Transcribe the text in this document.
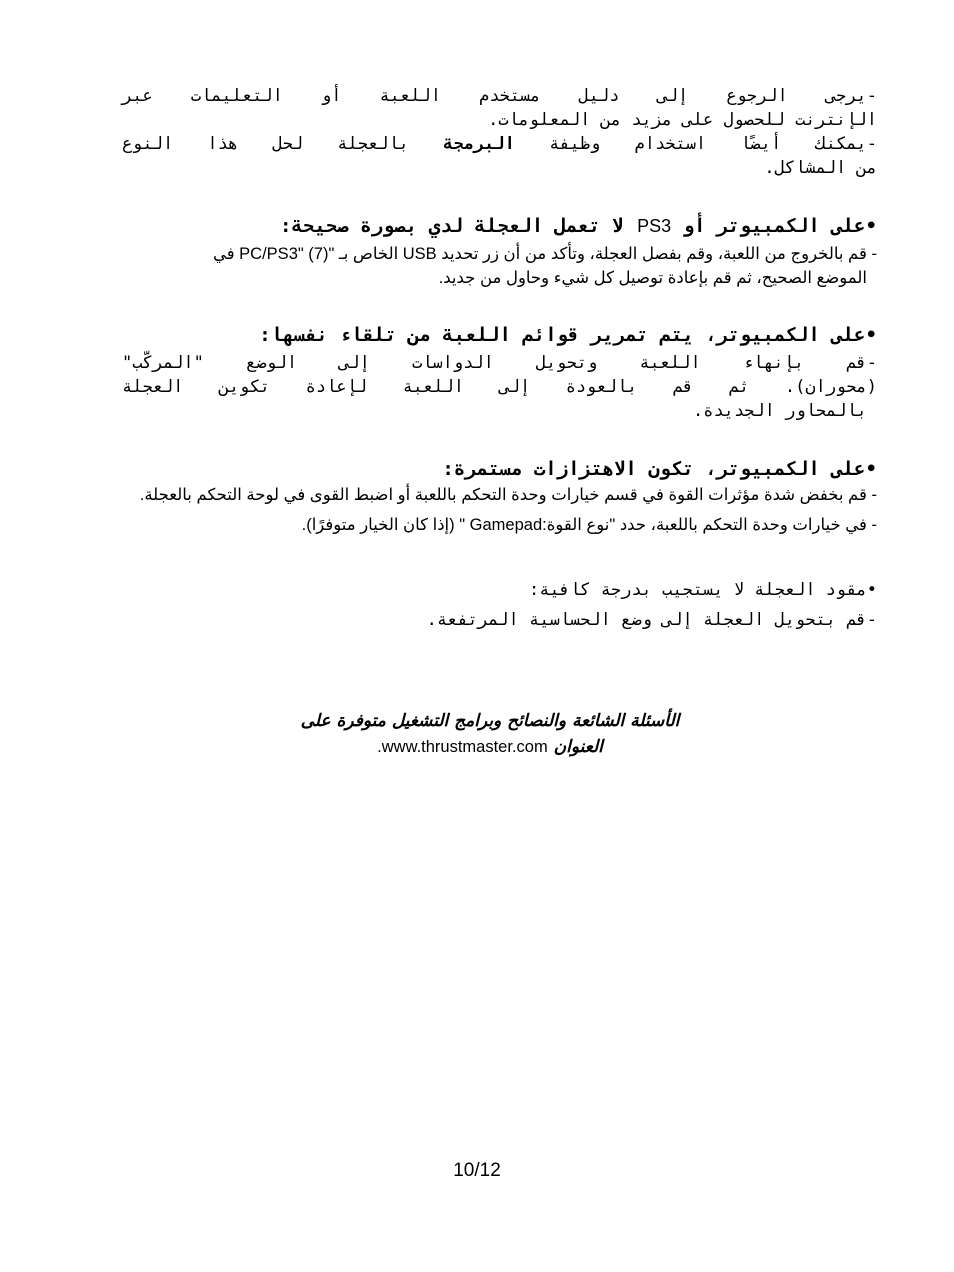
-يرجى الرجوع إلى دليل مستخدم اللعبة أو التعليمات عبر
الإنترنت للحصول على مزيد من المعلومات.
-يمكنك أيضًا استخدام وظيفة البرمجة بالعجلة لحل هذا النوع
من المشاكل.
•على الكمبيوتر أو PS3 لا تعمل العجلة لدي بصورة صحيحة:
- قم بالخروج من اللعبة، وقم بفصل العجلة، وتأكد من أن زر تحديد USB الخاص بـ "PC/PS3" (7) في
الموضع الصحيح، ثم قم بإعادة توصيل كل شيء وحاول من جديد.
•على الكمبيوتر، يتم تمرير قوائم اللعبة من تلقاء نفسها:
-قم بإنهاء اللعبة وتحويل الدواسات إلى الوضع "المركّب"
(محوران). ثم قم بالعودة إلى اللعبة لإعادة تكوين العجلة
بالمحاور الجديدة.
•على الكمبيوتر، تكون الاهتزازات مستمرة:
- قم بخفض شدة مؤثرات القوة في قسم خيارات وحدة التحكم باللعبة أو اضبط القوى في لوحة التحكم بالعجلة.
- في خيارات وحدة التحكم باللعبة، حدد "نوع القوة:Gamepad " (إذا كان الخيار متوفرًا).
•مقود العجلة لا يستجيب بدرجة كافية:
-قم بتحويل العجلة إلى وضع الحساسية المرتفعة.
الأسئلة الشائعة والنصائح وبرامج التشغيل متوفرة على
العنوان www.thrustmaster.com.
10/12
